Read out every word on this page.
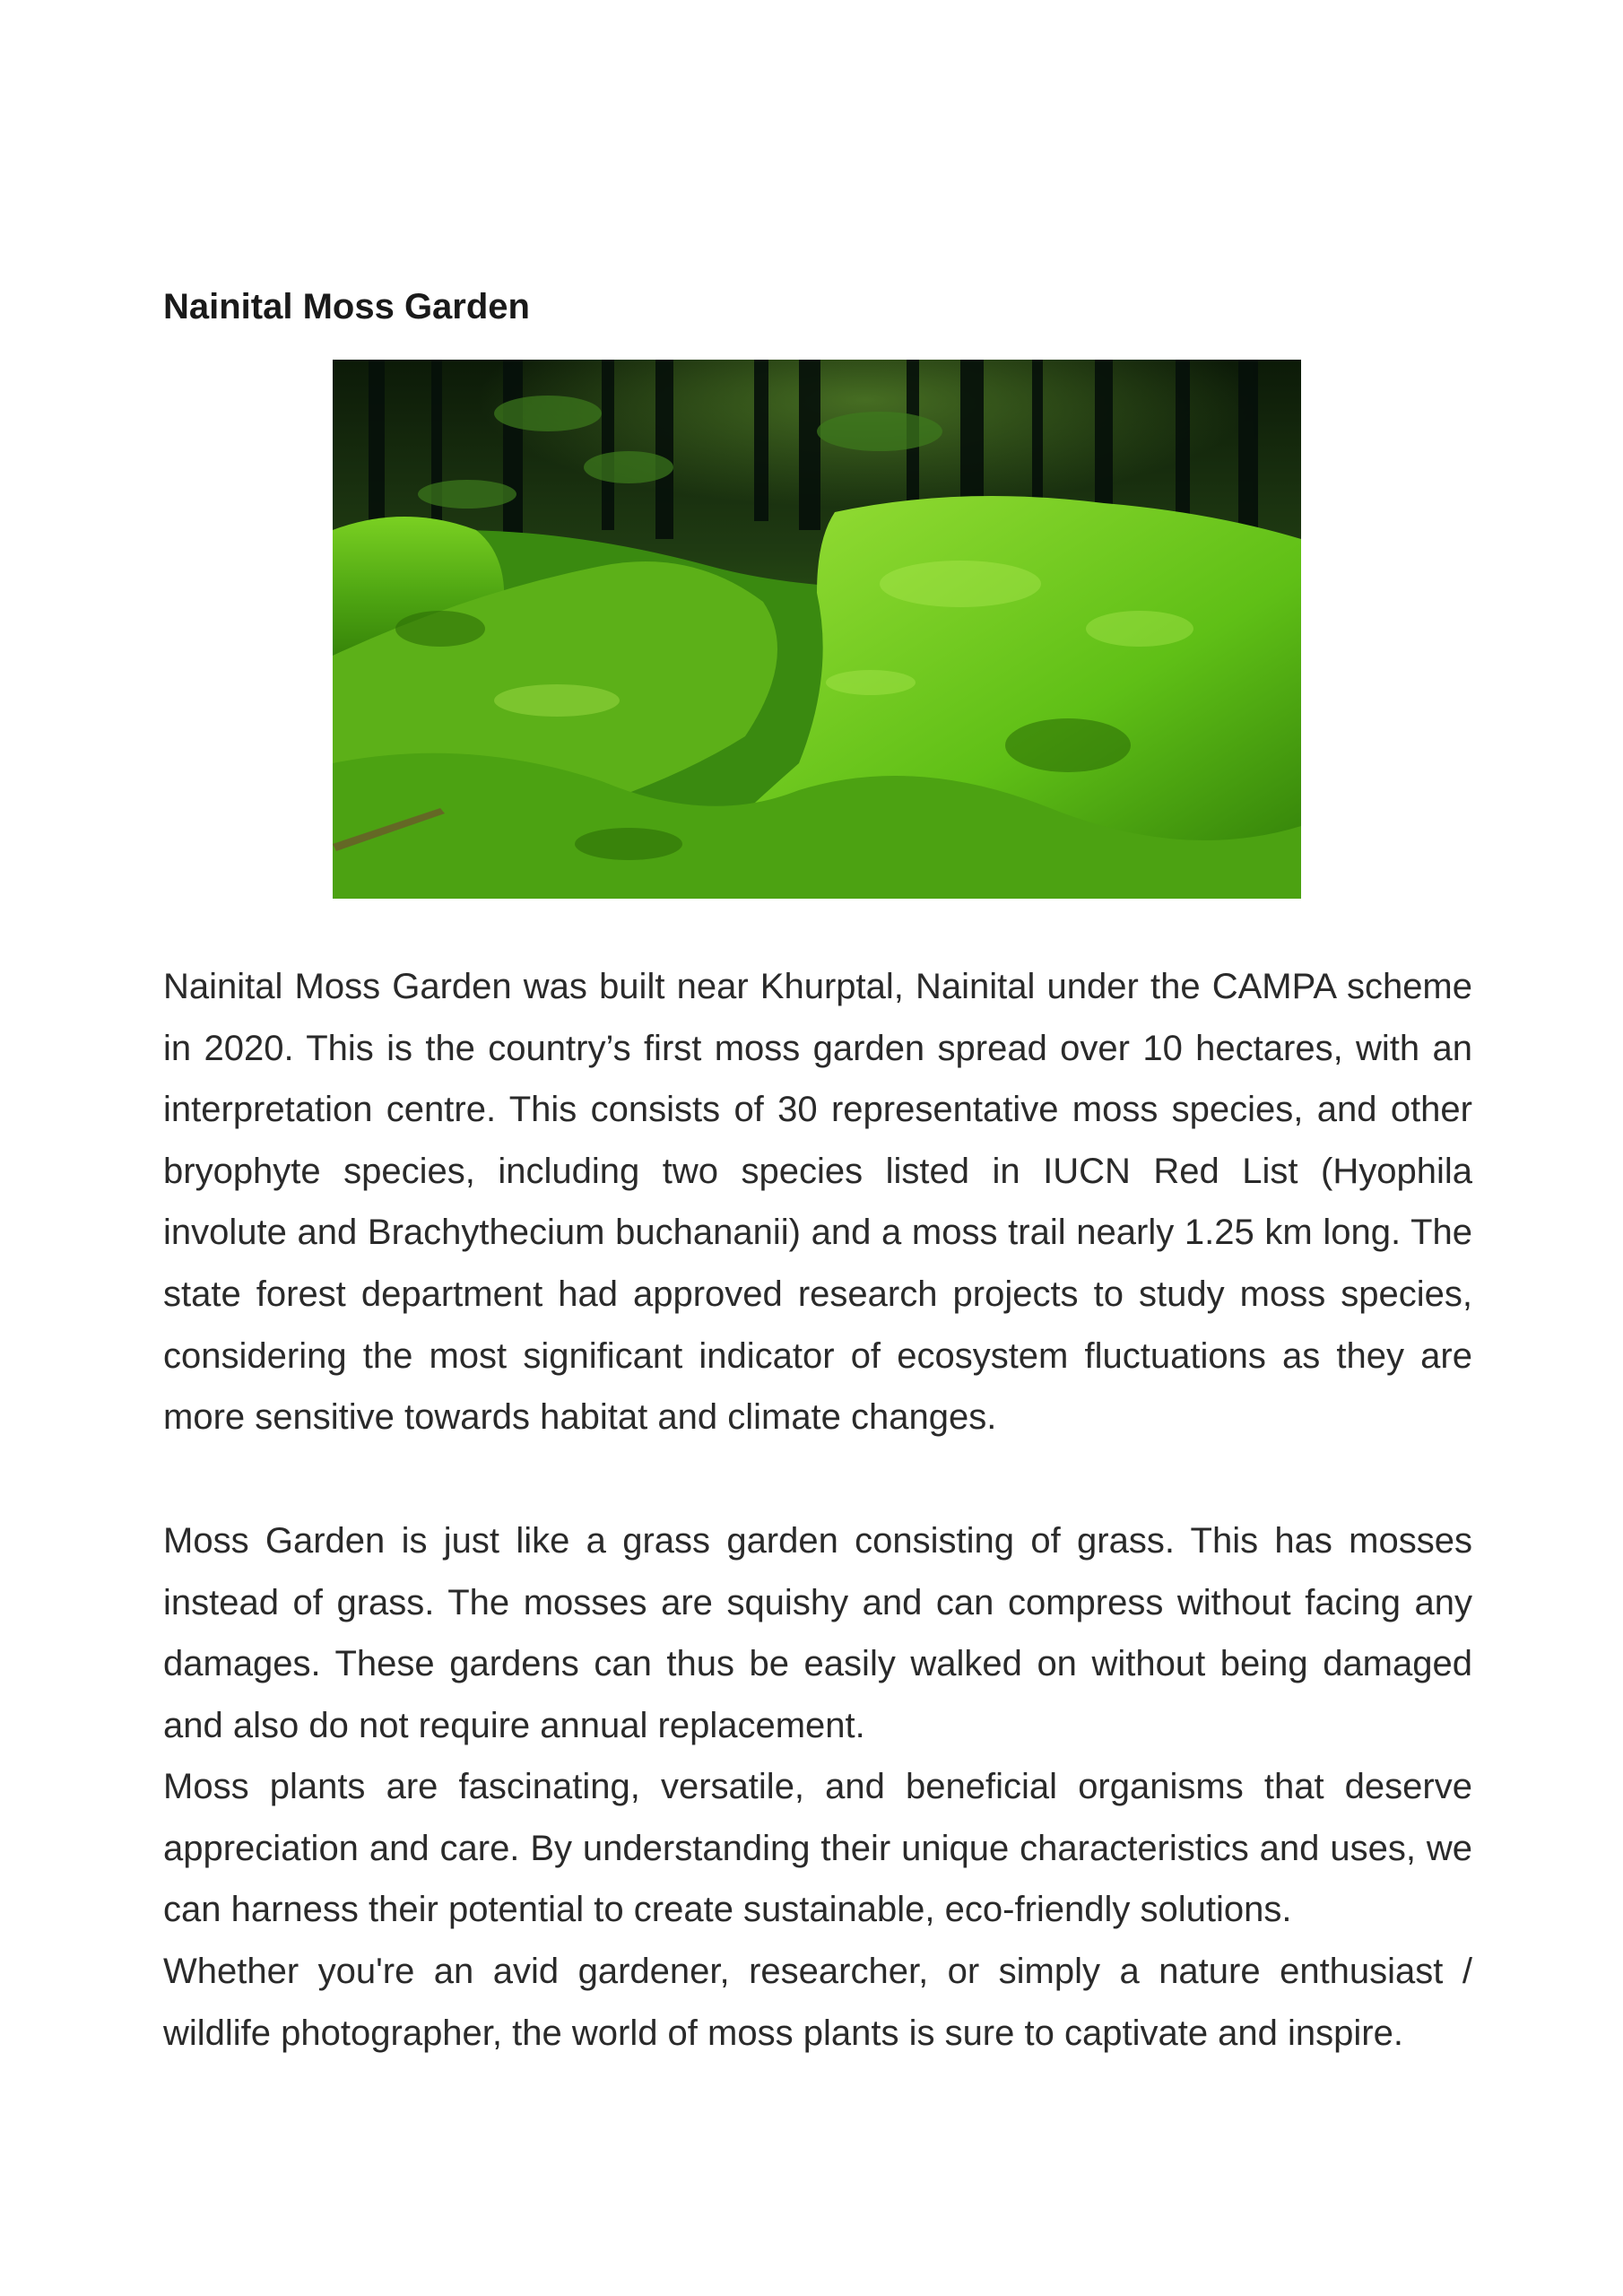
Nainital Moss Garden

Nainital Moss Garden was built near Khurptal, Nainital under the CAMPA scheme in 2020. This is the country’s first moss garden spread over 10 hectares, with an interpretation centre. This consists of 30 representative moss species, and other bryophyte species, including two species listed in IUCN Red List (Hyophila involute and Brachythecium buchananii) and a moss trail nearly 1.25 km long. The state forest department had approved research projects to study moss species, considering the most significant indicator of ecosystem fluctuations as they are more sensitive towards habitat and climate changes.

Moss Garden is just like a grass garden consisting of grass. This has mosses instead of grass. The mosses are squishy and can compress without facing any damages. These gardens can thus be easily walked on without being damaged and also do not require annual replacement.

Moss plants are fascinating, versatile, and beneficial organisms that deserve appreciation and care. By understanding their unique characteristics and uses, we can harness their potential to create sustainable, eco-friendly solutions.

Whether you're an avid gardener, researcher, or simply a nature enthusiast / wildlife photographer, the world of moss plants is sure to captivate and inspire.
